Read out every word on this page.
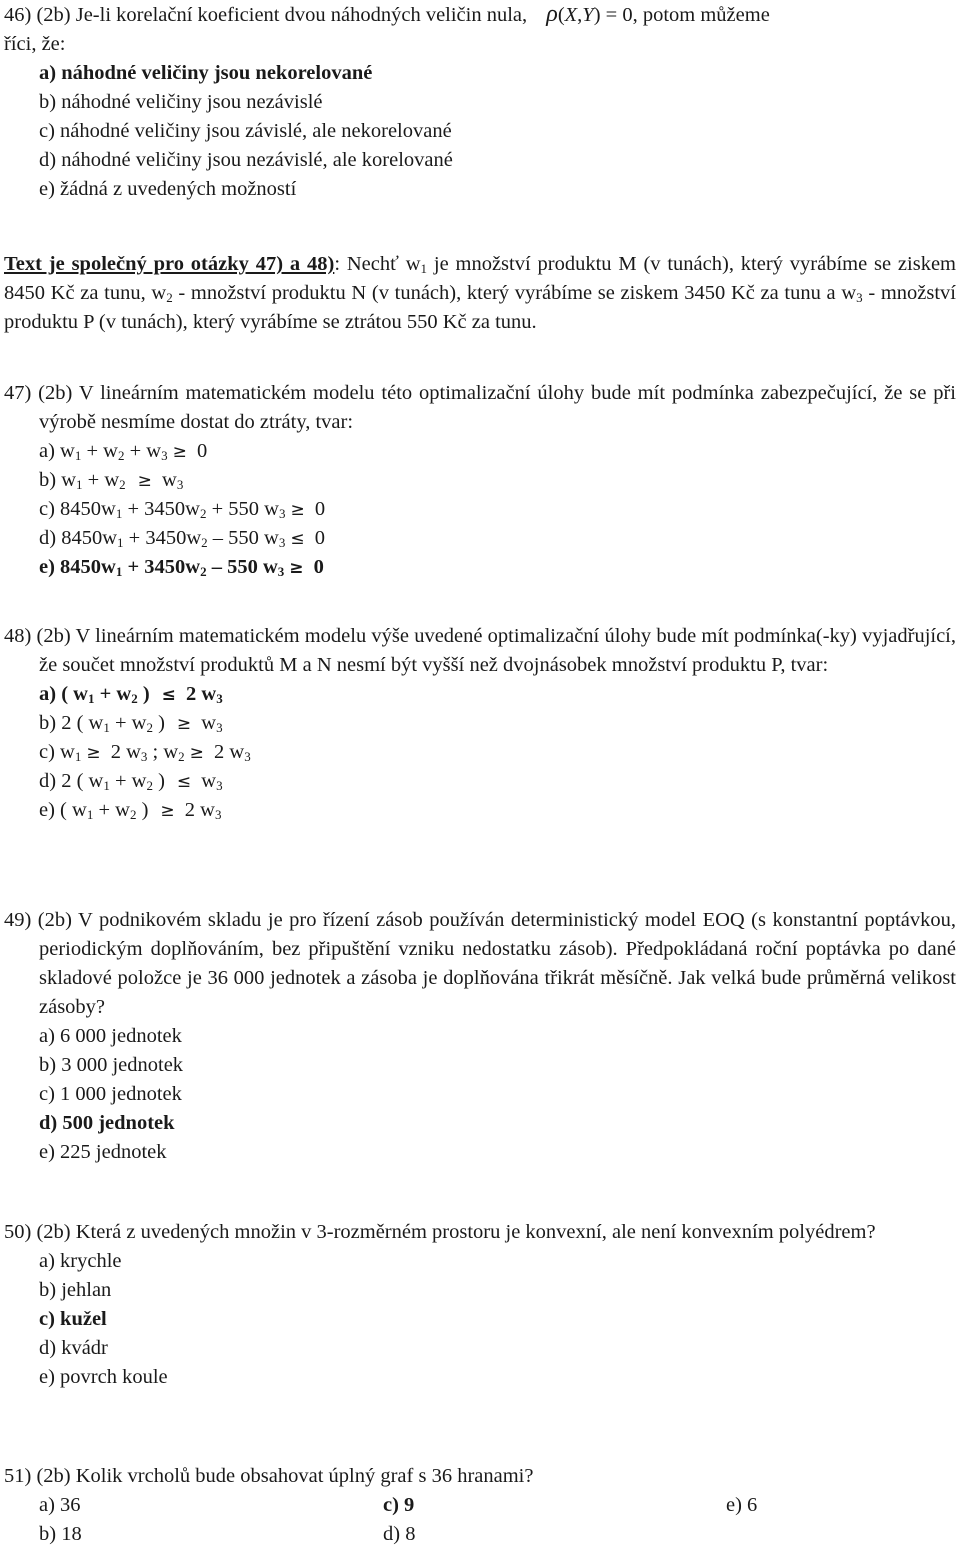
46) (2b) Je-li korelační koeficient dvou náhodných veličin nula, ρ(X,Y) = 0, potom můžeme
říci, že:
a) náhodné veličiny jsou nekorelované
b) náhodné veličiny jsou nezávislé
c) náhodné veličiny jsou závislé, ale nekorelované
d) náhodné veličiny jsou nezávislé, ale korelované
e) žádná z uvedených možností
Text je společný pro otázky 47) a 48): Nechť $w_1$ je množství produktu M (v tunách), který vyrábíme se ziskem 8450 Kč za tunu, $w_2$ - množství produktu N (v tunách), který vyrábíme se ziskem 3450 Kč za tunu a $w_3$ - množství produktu P (v tunách), který vyrábíme se ztrátou 550 Kč za tunu.
47) (2b) V lineárním matematickém modelu této optimalizační úlohy bude mít podmínka zabezpečující, že se při výrobě nesmíme dostat do ztráty, tvar:
a) $w_1 + w_2 + w_3 \ge 0$
b) $w_1 + w_2 \ge w_3$
c) $8450w_1 + 3450w_2 + 550$ $w_3 \ge 0$
d) $8450w_1 + 3450w_2 - 550$ $w_3 \le 0$
e) $8450w_1 + 3450w_2 - 550$ $w_3 \ge 0$
48) (2b) V lineárním matematickém modelu výše uvedené optimalizační úlohy bude mít podmínka(-ky) vyjadřující, že součet množství produktů M a N nesmí být vyšší než dvojnásobek množství produktu P, tvar:
a) ( $w_1 + w_2$ ) ≤ 2 $w_3$
b) 2 ( $w_1 + w_2$ ) ≥ $w_3$
c) $w_1 \ge 2$ $w_3$ ; $w_2 \ge 2$ $w_3$
d) 2 ( $w_1 + w_2$ ) ≤ $w_3$
e) ( $w_1 + w_2$ ) ≥ 2 $w_3$
49) (2b) V podnikovém skladu je pro řízení zásob používán deterministický model EOQ (s konstantní poptávkou, periodickým doplňováním, bez připuštění vzniku nedostatku zásob). Předpokládaná roční poptávka po dané skladové položce je 36 000 jednotek a zásoba je doplňována třikrát měsíčně. Jak velká bude průměrná velikost zásoby?
a) 6 000 jednotek
b) 3 000 jednotek
c) 1 000 jednotek
d) 500 jednotek
e) 225 jednotek
50) (2b) Která z uvedených množin v 3-rozměrném prostoru je konvexní, ale není konvexním polyédrem?
a) krychle
b) jehlan
c) kužel
d) kvádr
e) povrch koule
51) (2b) Kolik vrcholů bude obsahovat úplný graf s 36 hranami?
a) 36
b) 18
c) 9
d) 8
e) 6
